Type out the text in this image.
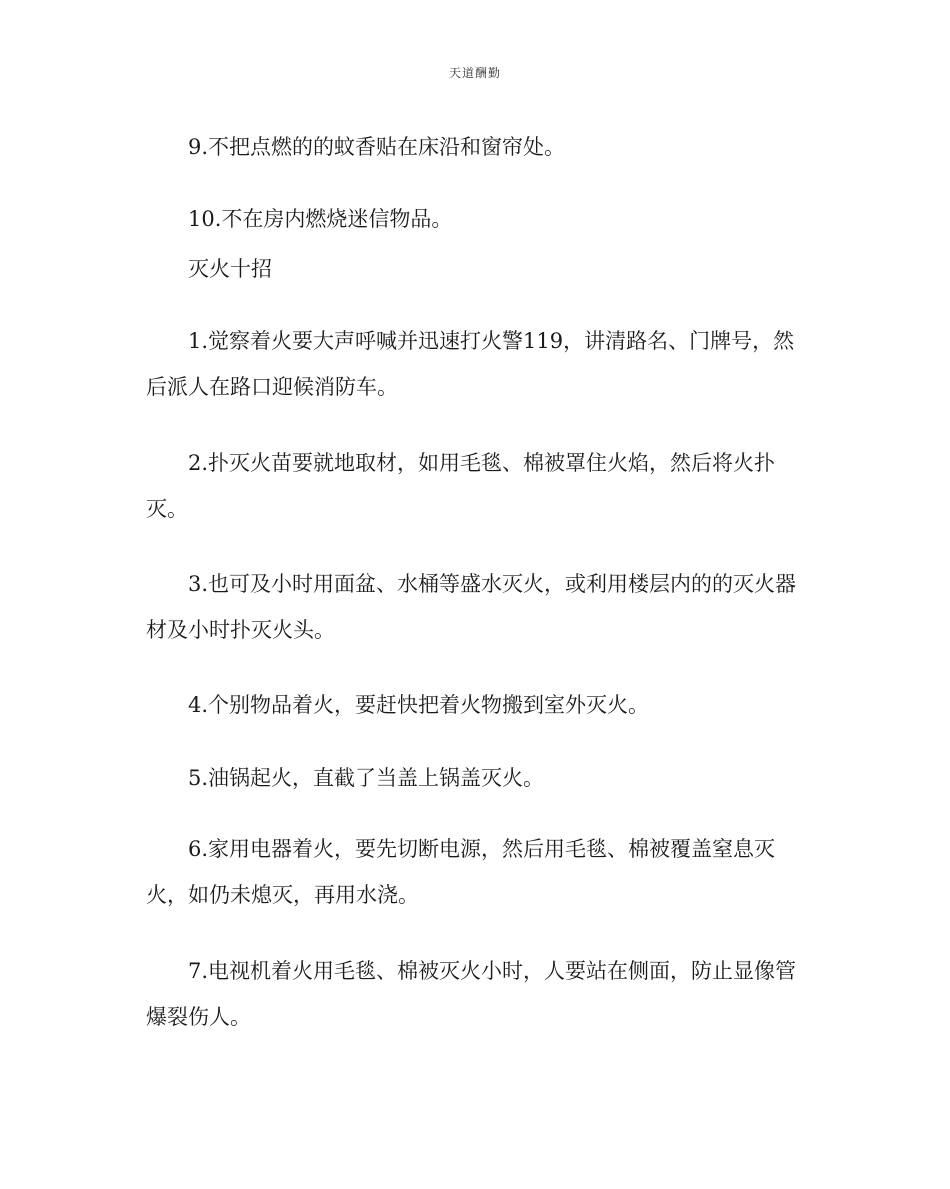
天道酬勤

9.不把点燃的的蚊香贴在床沿和窗帘处。

10.不在房内燃烧迷信物品。

灭火十招

1.觉察着火要大声呼喊并迅速打火警119，讲清路名、门牌号，然后派人在路口迎候消防车。

2.扑灭火苗要就地取材，如用毛毯、棉被罩住火焰，然后将火扑灭。

3.也可及小时用面盆、水桶等盛水灭火，或利用楼层内的的灭火器材及小时扑灭火头。

4.个别物品着火，要赶快把着火物搬到室外灭火。

5.油锅起火，直截了当盖上锅盖灭火。

6.家用电器着火，要先切断电源，然后用毛毯、棉被覆盖窒息灭火，如仍未熄灭，再用水浇。

7.电视机着火用毛毯、棉被灭火小时，人要站在侧面，防止显像管爆裂伤人。
